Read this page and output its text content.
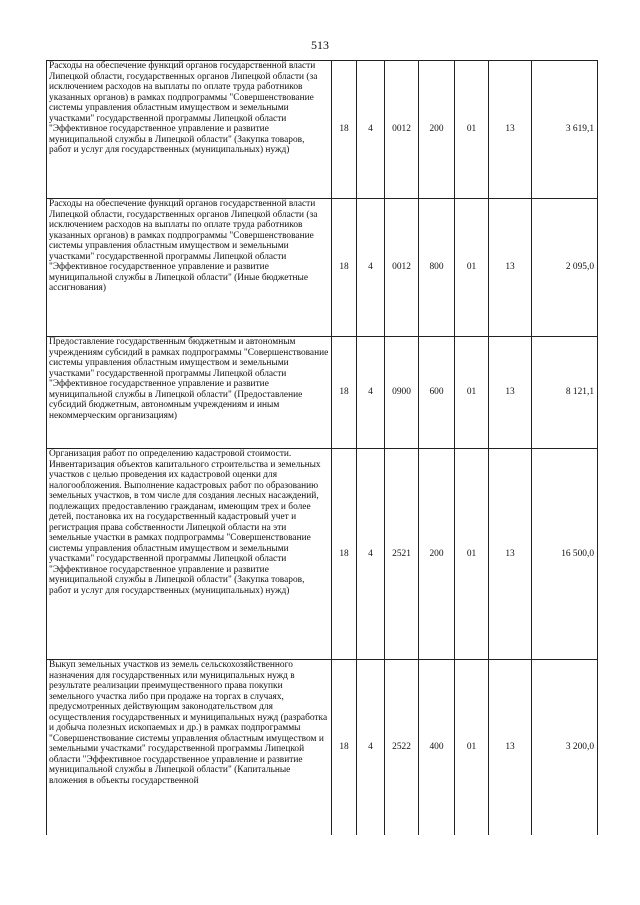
513
Расходы на обеспечение функций органов государственной власти Липецкой области, государственных органов Липецкой области (за исключением расходов на выплаты по оплате труда работников указанных органов) в рамках подпрограммы "Совершенствование системы управления областным имуществом и земельными участками" государственной программы Липецкой области "Эффективное государственное управление и развитие муниципальной службы в Липецкой области" (Закупка товаров, работ и услуг для государственных (муниципальных) нужд)	18	4	0012	200	01	13	3 619,1
Расходы на обеспечение функций органов государственной власти Липецкой области, государственных органов Липецкой области (за исключением расходов на выплаты по оплате труда работников указанных органов) в рамках подпрограммы "Совершенствование системы управления областным имуществом и земельными участками" государственной программы Липецкой области "Эффективное государственное управление и развитие муниципальной службы в Липецкой области" (Иные бюджетные ассигнования)	18	4	0012	800	01	13	2 095,0
Предоставление государственным бюджетным и автономным учреждениям субсидий в рамках подпрограммы "Совершенствование системы управления областным имуществом и земельными участками" государственной программы Липецкой области "Эффективное государственное управление и развитие муниципальной службы в Липецкой области" (Предоставление субсидий бюджетным, автономным учреждениям и иным некоммерческим организациям)	18	4	0900	600	01	13	8 121,1
Организация работ по определению кадастровой стоимости. Инвентаризация объектов капитального строительства и земельных участков с целью проведения их кадастровой оценки для налогообложения. Выполнение кадастровых работ по образованию земельных участков, в том числе для создания лесных насаждений, подлежащих предоставлению гражданам, имеющим трех и более детей, постановка их на государственный кадастровый учет и регистрация права собственности Липецкой области на эти земельные участки в рамках подпрограммы "Совершенствование системы управления областным имуществом и земельными участками" государственной программы Липецкой области "Эффективное государственное управление и развитие муниципальной службы в Липецкой области" (Закупка товаров, работ и услуг для государственных (муниципальных) нужд)	18	4	2521	200	01	13	16 500,0
Выкуп земельных участков из земель сельскохозяйственного назначения для государственных или муниципальных нужд в результате реализации преимущественного права покупки земельного участка либо при продаже на торгах в случаях, предусмотренных действующим законодательством для осуществления государственных и муниципальных нужд (разработка и добыча полезных ископаемых и др.) в рамках подпрограммы "Совершенствование системы управления областным имуществом и земельными участками" государственной программы Липецкой области "Эффективное государственное управление и развитие муниципальной службы в Липецкой области" (Капитальные вложения в объекты государственной	18	4	2522	400	01	13	3 200,0
